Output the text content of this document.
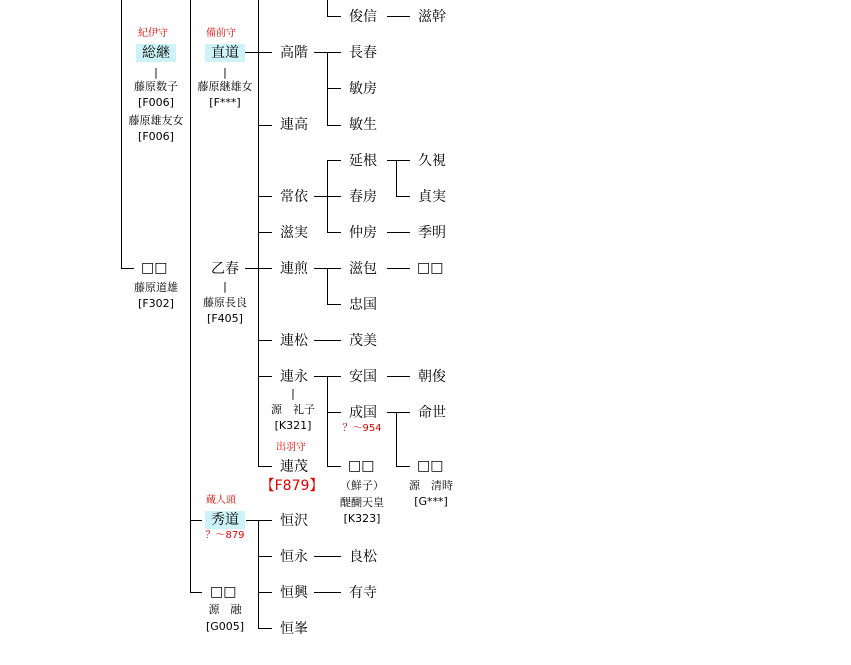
俊信	滋幹
紀伊守
総継
|
藤原数子
[F006]
藤原雄友女
[F006]
□□
藤原道雄
[F302]
備前守
直道
|
藤原継雄女
[F***]
乙春
|
藤原長良
[F405]
蔵人頭
秀道
？～879
□□
源　融
[G005]
高階
連高
常依
滋実
連煎
連松
連永
|
源　礼子
[K321]
出羽守
連茂
【F879】
恒沢
恒永
恒興
恒峯
長春
敏房
敏生
延根
春房
仲房
滋包
忠国
茂美
安国
成国
？～954
□□
（鮮子）
醍醐天皇
[K323]
良松
有寺
久視
貞実
季明
□□
朝俊
命世
□□
源　清時
[G***]
